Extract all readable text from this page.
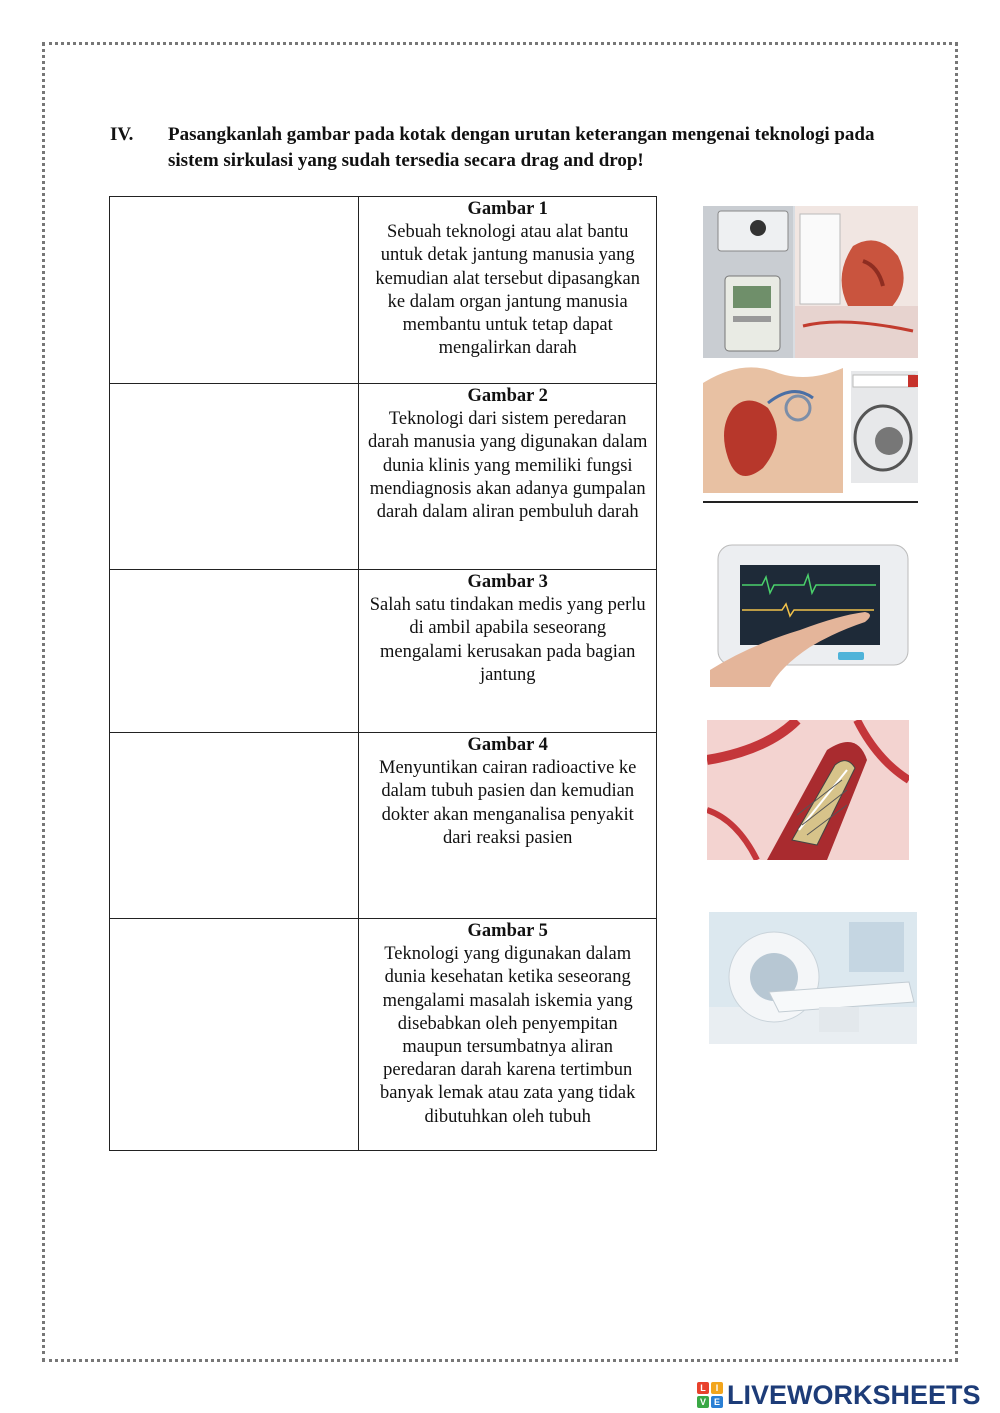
IV. Pasangkanlah gambar pada kotak dengan urutan keterangan mengenai teknologi pada sistem sirkulasi yang sudah tersedia secara drag and drop!

	Gambar 1
Sebuah teknologi atau alat bantu untuk detak jantung manusia yang kemudian alat tersebut dipasangkan ke dalam organ jantung manusia membantu untuk tetap dapat mengalirkan darah

	Gambar 2
Teknologi dari sistem peredaran darah manusia yang digunakan dalam dunia klinis yang memiliki fungsi mendiagnosis akan adanya gumpalan darah dalam aliran pembuluh darah

	Gambar 3
Salah satu tindakan medis yang perlu di ambil apabila seseorang mengalami kerusakan pada bagian jantung

	Gambar 4
Menyuntikan cairan radioactive ke dalam tubuh pasien dan kemudian dokter akan menganalisa penyakit dari reaksi pasien

	Gambar 5
Teknologi yang digunakan dalam dunia kesehatan ketika seseorang mengalami masalah iskemia yang disebabkan oleh penyempitan maupun tersumbatnya aliran peredaran darah karena tertimbun banyak lemak atau zata yang tidak dibutuhkan oleh tubuh
L	I
V E LIVEWORKSHEETS
